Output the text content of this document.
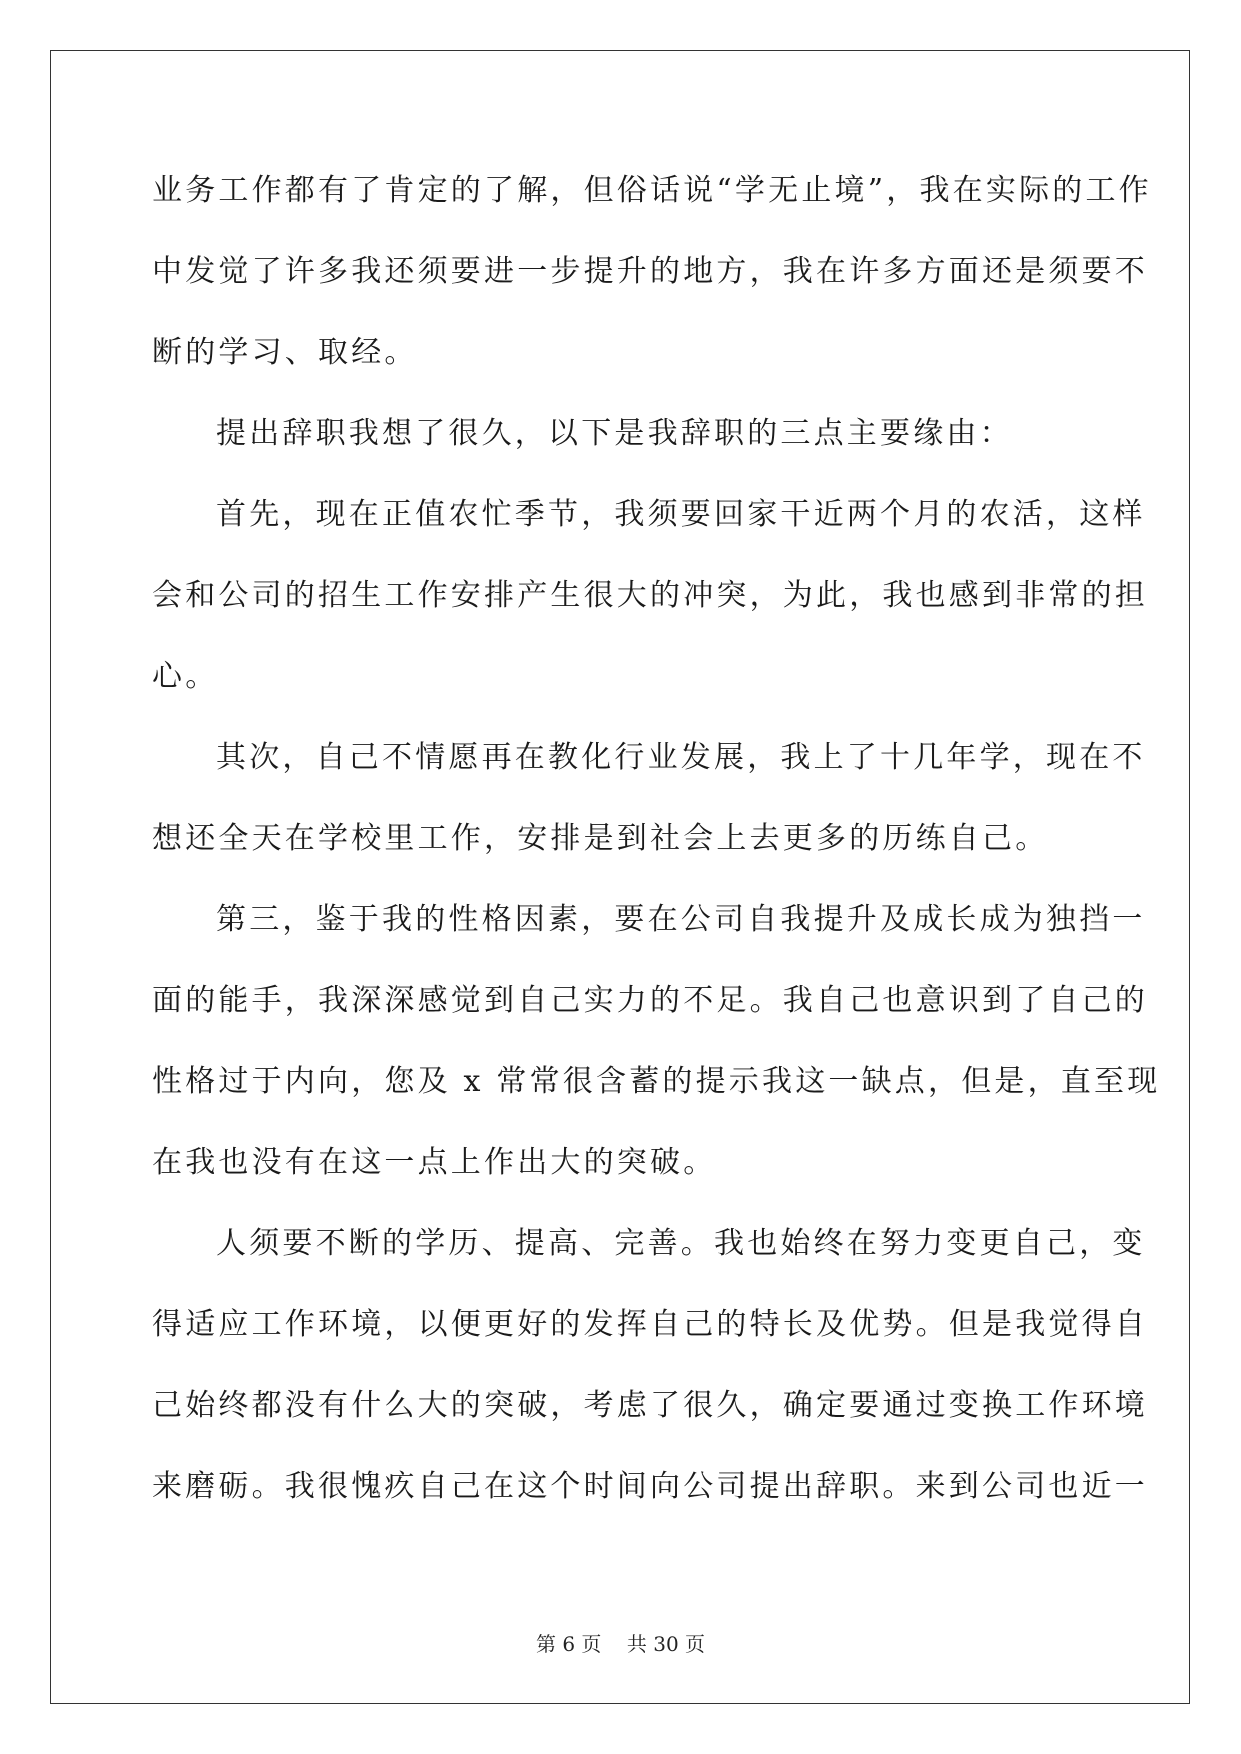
业务工作都有了肯定的了解，但俗话说“学无止境”，我在实际的工作
中发觉了许多我还须要进一步提升的地方，我在许多方面还是须要不
断的学习、取经。
提出辞职我想了很久，以下是我辞职的三点主要缘由：
首先，现在正值农忙季节，我须要回家干近两个月的农活，这样
会和公司的招生工作安排产生很大的冲突，为此，我也感到非常的担
心。
其次，自己不情愿再在教化行业发展，我上了十几年学，现在不
想还全天在学校里工作，安排是到社会上去更多的历练自己。
第三，鉴于我的性格因素，要在公司自我提升及成长成为独挡一
面的能手，我深深感觉到自己实力的不足。我自己也意识到了自己的
性格过于内向，您及 x 常常很含蓄的提示我这一缺点，但是，直至现
在我也没有在这一点上作出大的突破。
人须要不断的学历、提高、完善。我也始终在努力变更自己，变
得适应工作环境，以便更好的发挥自己的特长及优势。但是我觉得自
己始终都没有什么大的突破，考虑了很久，确定要通过变换工作环境
来磨砺。我很愧疚自己在这个时间向公司提出辞职。来到公司也近一

第 6 页 共 30 页
